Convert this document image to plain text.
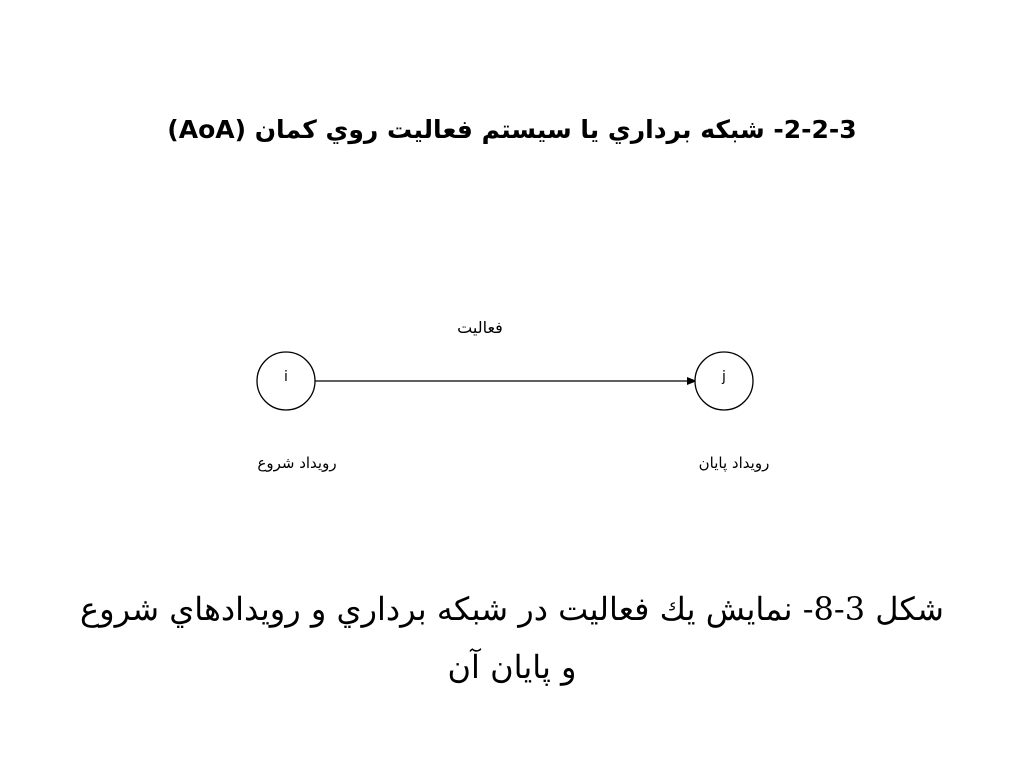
2-2-3- شبكه برداري يا سيستم فعاليت روي كمان (AoA)
فعاليت
i
رويداد شروع
j
رويداد پايان
شكل 3-8- نمايش يك فعاليت در شبكه برداري و رويدادهاي شروع و پايان آن
